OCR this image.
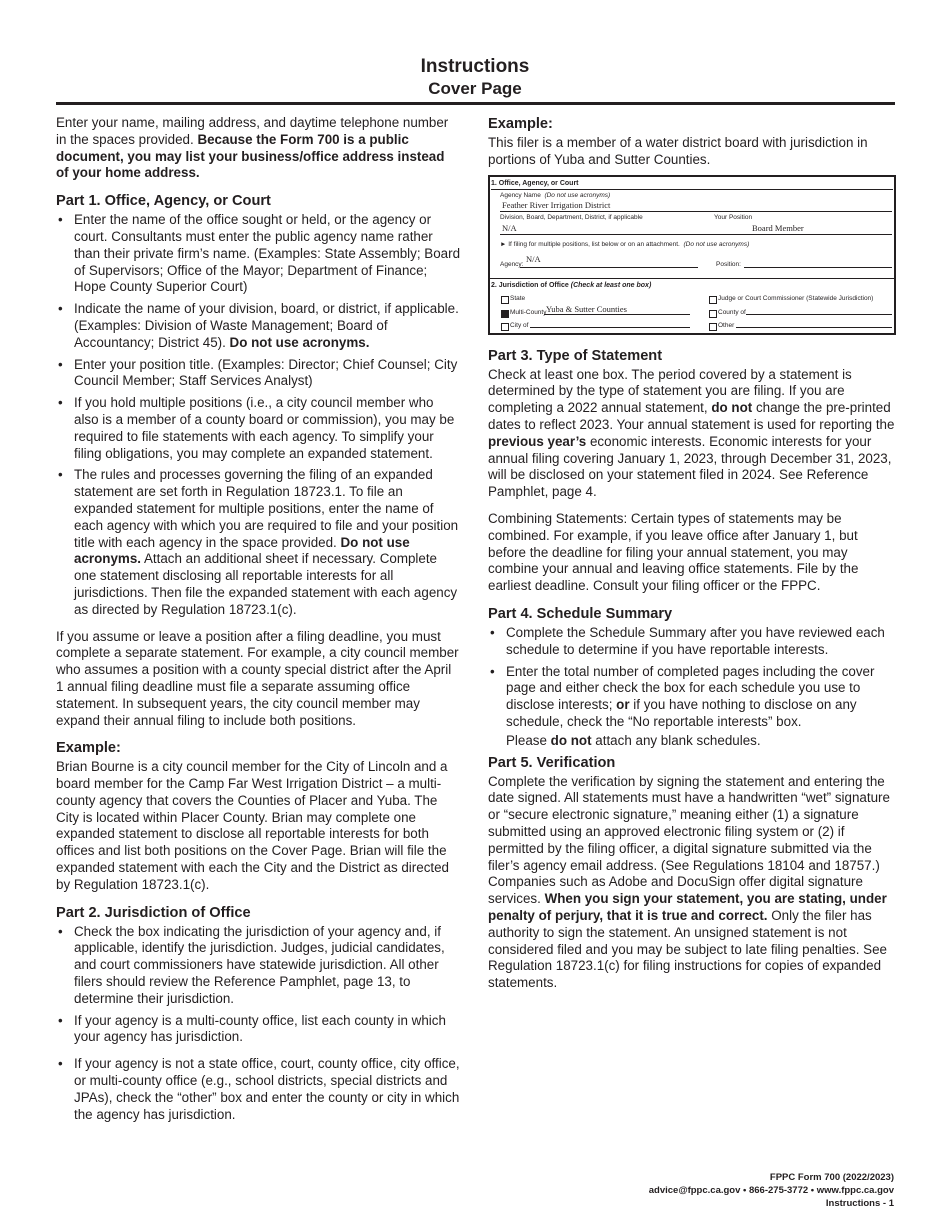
Instructions
Cover Page

Enter your name, mailing address, and daytime telephone number in the spaces provided. Because the Form 700 is a public document, you may list your business/office address instead of your home address.

Part 1. Office, Agency, or Court
• Enter the name of the office sought or held, or the agency or court. Consultants must enter the public agency name rather than their private firm’s name. (Examples: State Assembly; Board of Supervisors; Office of the Mayor; Department of Finance; Hope County Superior Court)
• Indicate the name of your division, board, or district, if applicable. (Examples: Division of Waste Management; Board of Accountancy; District 45). Do not use acronyms.
• Enter your position title. (Examples: Director; Chief Counsel; City Council Member; Staff Services Analyst)
• If you hold multiple positions (i.e., a city council member who also is a member of a county board or commission), you may be required to file statements with each agency. To simplify your filing obligations, you may complete an expanded statement.
• The rules and processes governing the filing of an expanded statement are set forth in Regulation 18723.1. To file an expanded statement for multiple positions, enter the name of each agency with which you are required to file and your position title with each agency in the space provided. Do not use acronyms. Attach an additional sheet if necessary. Complete one statement disclosing all reportable interests for all jurisdictions. Then file the expanded statement with each agency as directed by Regulation 18723.1(c).

If you assume or leave a position after a filing deadline, you must complete a separate statement. For example, a city council member who assumes a position with a county special district after the April 1 annual filing deadline must file a separate assuming office statement. In subsequent years, the city council member may expand their annual filing to include both positions.

Example:

Brian Bourne is a city council member for the City of Lincoln and a board member for the Camp Far West Irrigation District – a multi-county agency that covers the Counties of Placer and Yuba. The City is located within Placer County. Brian may complete one expanded statement to disclose all reportable interests for both offices and list both positions on the Cover Page. Brian will file the expanded statement with each the City and the District as directed by Regulation 18723.1(c).

Part 2. Jurisdiction of Office
• Check the box indicating the jurisdiction of your agency and, if applicable, identify the jurisdiction. Judges, judicial candidates, and court commissioners have statewide jurisdiction. All other filers should review the Reference Pamphlet, page 13, to determine their jurisdiction.
• If your agency is a multi-county office, list each county in which your agency has jurisdiction.
• If your agency is not a state office, court, county office, city office, or multi-county office (e.g., school districts, special districts and JPAs), check the “other” box and enter the county or city in which the agency has jurisdiction.
Example:

This filer is a member of a water district board with jurisdiction in portions of Yuba and Sutter Counties.

1. Office, Agency, or Court
Agency Name (Do not use acronyms)
Feather River Irrigation District
Division, Board, Department, District, if applicable	Your Position
N/A	Board Member
► If filing for multiple positions, list below or on an attachment. (Do not use acronyms)
Agency:
N/A
Position:
2. Jurisdiction of Office (Check at least one box)
State	Judge or Court Commissioner (Statewide Jurisdiction)
Multi-County Yuba & Sutter Counties	County of
City of	Other
Part 3. Type of Statement

Check at least one box. The period covered by a statement is determined by the type of statement you are filing. If you are completing a 2022 annual statement, do not change the pre-printed dates to reflect 2023. Your annual statement is used for reporting the previous year’s economic interests. Economic interests for your annual filing covering January 1, 2023, through December 31, 2023, will be disclosed on your statement filed in 2024. See Reference Pamphlet, page 4.

Combining Statements: Certain types of statements may be combined. For example, if you leave office after January 1, but before the deadline for filing your annual statement, you may combine your annual and leaving office statements. File by the earliest deadline. Consult your filing officer or the FPPC.

Part 4. Schedule Summary
• Complete the Schedule Summary after you have reviewed each schedule to determine if you have reportable interests.
• Enter the total number of completed pages including the cover page and either check the box for each schedule you use to disclose interests; or if you have nothing to disclose on any schedule, check the “No reportable interests” box.
Please do not attach any blank schedules.
Part 5. Verification

Complete the verification by signing the statement and entering the date signed. All statements must have a handwritten “wet” signature or “secure electronic signature,” meaning either (1) a signature submitted using an approved electronic filing system or (2) if permitted by the filing officer, a digital signature submitted via the filer’s agency email address. (See Regulations 18104 and 18757.) Companies such as Adobe and DocuSign offer digital signature services. When you sign your statement, you are stating, under penalty of perjury, that it is true and correct. Only the filer has authority to sign the statement. An unsigned statement is not considered filed and you may be subject to late filing penalties. See Regulation 18723.1(c) for filing instructions for copies of expanded statements.

FPPC Form 700 (2022/2023)
advice@fppc.ca.gov • 866-275-3772 • www.fppc.ca.gov
Instructions - 1
